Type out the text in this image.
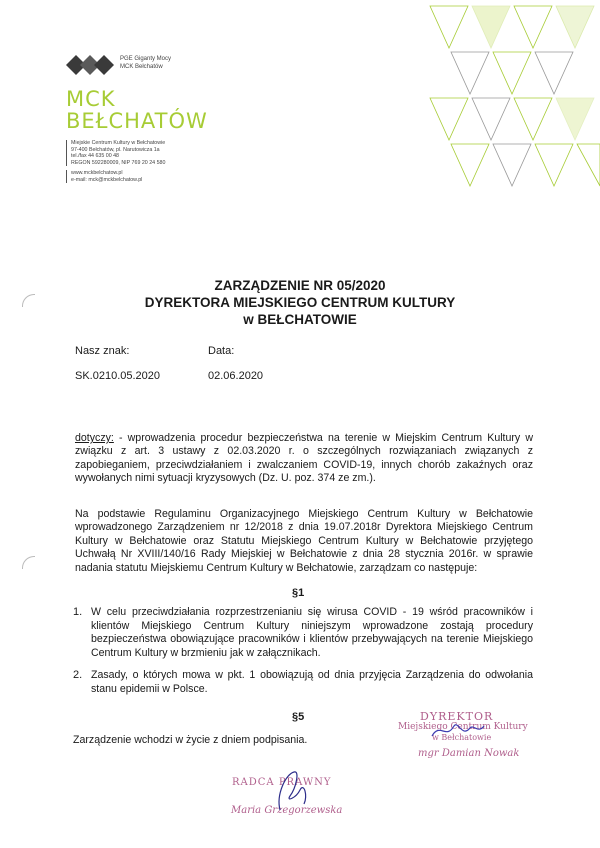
PGE Giganty Mocy
MCK Bełchatów
MCK
BEŁCHATÓW
Miejskie Centrum Kultury w Bełchatowie
97-400 Bełchatów, pl. Narutowicza 1a
tel./fax 44 635 00 48
REGON 592280009, NIP 769 20 24 580
www.mckbelchatow.pl
e-mail: mck@mckbelchatow.pl
ZARZĄDZENIE NR 05/2020
DYREKTORA MIEJSKIEGO CENTRUM KULTURY
w BEŁCHATOWIE
Nasz znak:	Data:
SK.0210.05.2020	02.06.2020
dotyczy: - wprowadzenia procedur bezpieczeństwa na terenie w Miejskim Centrum Kultury w związku z art. 3 ustawy z 02.03.2020 r. o szczególnych rozwiązaniach związanych z zapobieganiem, przeciwdziałaniem i zwalczaniem COVID-19, innych chorób zakaźnych oraz wywołanych nimi sytuacji kryzysowych (Dz. U. poz. 374 ze zm.).
Na podstawie Regulaminu Organizacyjnego Miejskiego Centrum Kultury w Bełchatowie wprowadzonego Zarządzeniem nr 12/2018 z dnia 19.07.2018r Dyrektora Miejskiego Centrum Kultury w Bełchatowie oraz Statutu Miejskiego Centrum Kultury w Bełchatowie przyjętego Uchwałą Nr XVIII/140/16 Rady Miejskiej w Bełchatowie z dnia 28 stycznia 2016r. w sprawie nadania statutu Miejskiemu Centrum Kultury w Bełchatowie, zarządzam co następuje:
§1
1. W celu przeciwdziałania rozprzestrzenianiu się wirusa COVID - 19 wśród pracowników i klientów Miejskiego Centrum Kultury niniejszym wprowadzone zostają procedury bezpieczeństwa obowiązujące pracowników i klientów przebywających na terenie Miejskiego Centrum Kultury w brzmieniu jak w załącznikach.
2. Zasady, o których mowa w pkt. 1 obowiązują od dnia przyjęcia Zarządzenia do odwołania stanu epidemii w Polsce.
§5
Zarządzenie wchodzi w życie z dniem podpisania.
DYREKTOR
Miejskiego Centrum Kultury
w Bełchatowie
mgr Damian Nowak
RADCA PRAWNY
Maria Grzegorzewska
